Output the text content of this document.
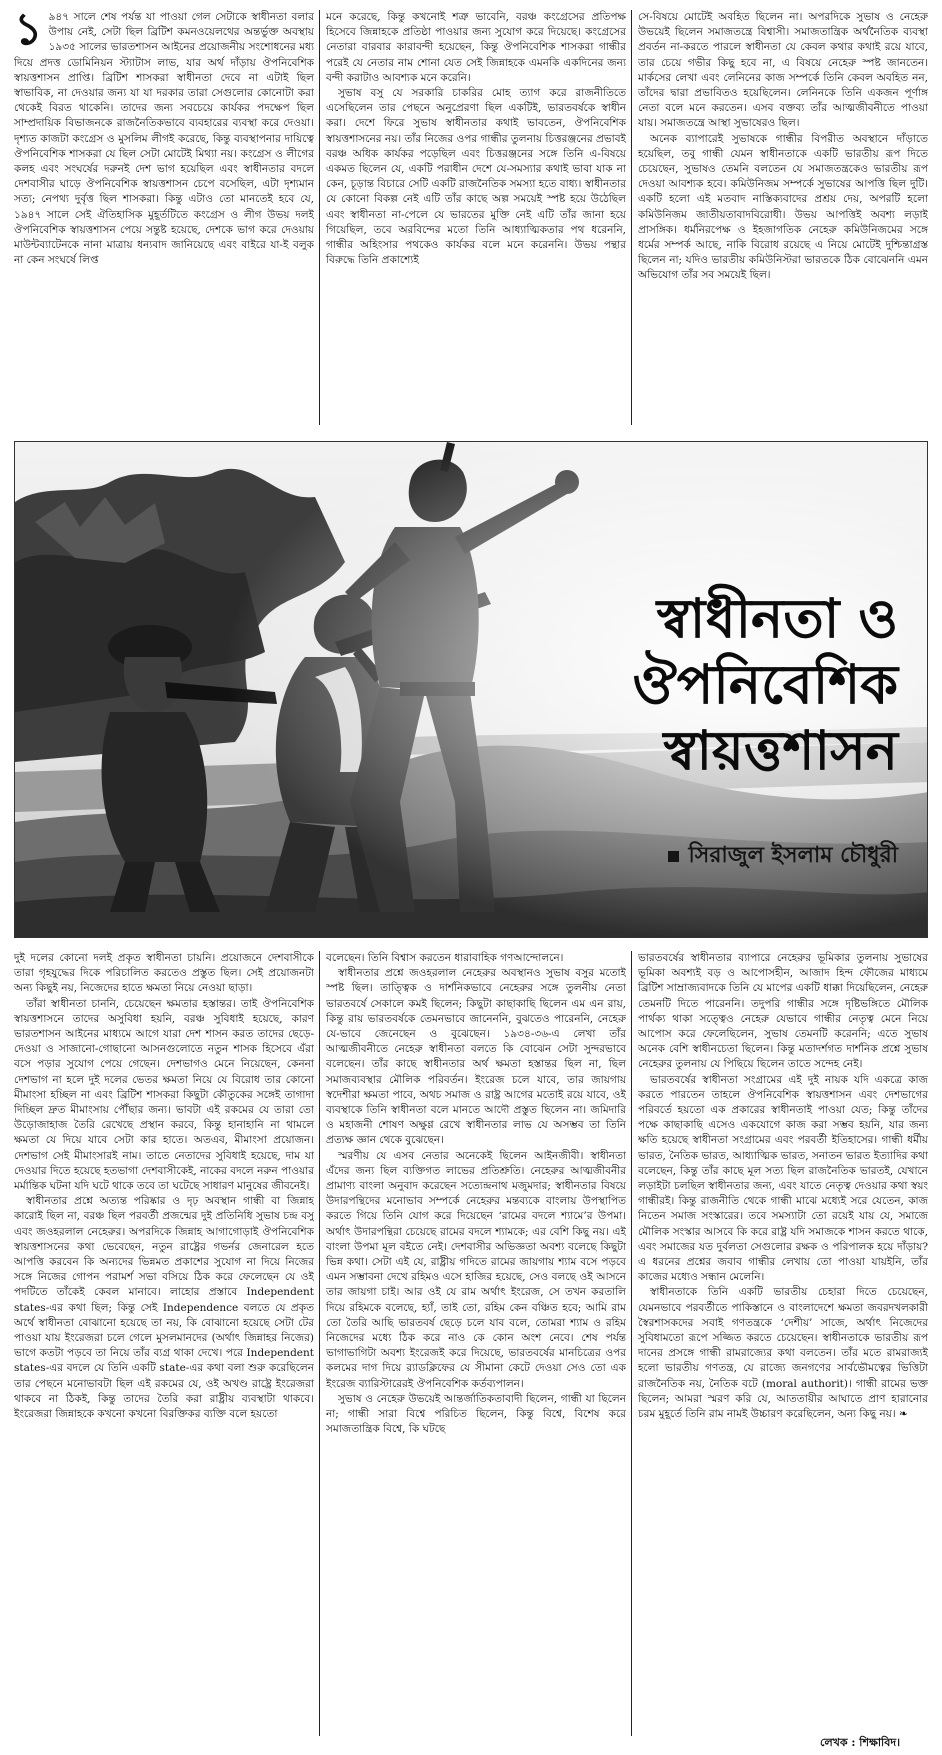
১ ৯৪৭ সালে শেষ পর্যন্ত যা পাওয়া গেল সেটাকে স্বাধীনতা বলার উপায় নেই, সেটা ছিল ব্রিটিশ কমনওয়েলথের অন্তর্ভুক্ত অবস্থায় ১৯৩৫ সালের ভারতশাসন আইনের প্রয়োজনীয় সংশোধনের মধ্য দিয়ে প্রদত্ত ডোমিনিয়ন স্ট্যাটাস লাভ, যার অর্থ দাঁড়ায় ঔপনিবেশিক স্বায়ত্তশাসন প্রাপ্তি। ব্রিটিশ শাসকরা স্বাধীনতা দেবে না এটাই ছিল স্বাভাবিক, না দেওয়ার জন্য যা যা দরকার তারা সেগুলোর কোনোটা করা থেকেই বিরত থাকেনি। তাদের জন্য সবচেয়ে কার্যকর পদক্ষেপ ছিল সাম্প্রদায়িক বিভাজনকে রাজনৈতিকভাবে ব্যবহারের ব্যবস্থা করে দেওয়া। দৃশ্যত কাজটা কংগ্রেস ও মুসলিম লীগই করেছে, কিন্তু ব্যবস্থাপনার দায়িত্বে ঔপনিবেশিক শাসকরা যে ছিল সেটা মোটেই মিথ্যা নয়। কংগ্রেস ও লীগের কলহ এবং সংঘর্ষের দরুনই দেশ ভাগ হয়েছিল এবং স্বাধীনতার বদলে দেশবাসীর ঘাড়ে ঔপনিবেশিক স্বায়ত্তশাসন চেপে বসেছিল, এটা দৃশ্যমান সত্য; নেপথ্য দুর্বৃত্ত ছিল শাসকরা। কিন্তু এটাও তো মানতেই হবে যে, ১৯৪৭ সালে সেই ঐতিহাসিক মুহূর্তটিতে কংগ্রেস ও লীগ উভয় দলই ঔপনিবেশিক স্বায়ত্তশাসন পেয়ে সন্তুষ্ট হয়েছে, দেশকে ভাগ করে দেওয়ায় মাউন্টব্যাটেনকে নানা মাত্রায় ধন্যবাদ জানিয়েছে এবং বাইরে যা-ই বলুক না কেন সংঘর্ষে লিপ্ত

মনে করেছে, কিন্তু কখনোই শত্রু ভাবেনি, বরঞ্চ কংগ্রেসের প্রতিপক্ষ হিসেবে জিন্নাহকে প্রতিষ্ঠা পাওয়ার জন্য সুযোগ করে দিয়েছে। কংগ্রেসের নেতারা বারবার কারাবন্দী হয়েছেন, কিন্তু ঔপনিবেশিক শাসকরা গান্ধীর পরেই যে নেতার নাম শোনা যেত সেই জিন্নাহকে এমনকি একদিনের জন্য বন্দী করাটাও আবশ্যক মনে করেনি।

সুভাষ বসু যে সরকারি চাকরির মোহ ত্যাগ করে রাজনীতিতে এসেছিলেন তার পেছনে অনুপ্রেরণা ছিল একটিই, ভারতবর্ষকে স্বাধীন করা। দেশে ফিরে সুভাষ স্বাধীনতার কথাই ভাবতেন, ঔপনিবেশিক স্বায়ত্তশাসনের নয়। তাঁর নিজের ওপর গান্ধীর তুলনায় চিত্তরঞ্জনের প্রভাবই বরঞ্চ অধিক কার্যকর পড়েছিল এবং চিত্তরঞ্জনের সঙ্গে তিনি এ-বিষয়ে একমত ছিলেন যে, একটি পরাধীন দেশে যে-সমস্যার কথাই ভাবা যাক না কেন, চূড়ান্ত বিচারে সেটি একটি রাজনৈতিক সমস্যা হতে বাধ্য। স্বাধীনতার যে কোনো বিকল্প নেই এটি তাঁর কাছে অল্প সময়েই স্পষ্ট হয়ে উঠেছিল এবং স্বাধীনতা না-পেলে যে ভারতের মুক্তি নেই এটি তাঁর জানা হয়ে গিয়েছিল, তবে অরবিন্দের মতো তিনি আধ্যাত্মিকতার পথ ধরেননি, গান্ধীর অহিংসার পথকেও কার্যকর বলে মনে করেননি। উভয় পন্থার বিরুদ্ধে তিনি প্রকাশ্যেই

সে-বিষয়ে মোটেই অবহিত ছিলেন না। অপরদিকে সুভাষ ও নেহেরু উভয়েই ছিলেন সমাজতন্ত্রে বিশ্বাসী। সমাজতান্ত্রিক অর্থনৈতিক ব্যবস্থা প্রবর্তন না-করতে পারলে স্বাধীনতা যে কেবল কথার কথাই রয়ে যাবে, তার চেয়ে গভীর কিছু হবে না, এ বিষয়ে নেহেরু স্পষ্ট জানতেন। মার্কসের লেখা এবং লেনিনের কাজ সম্পর্কে তিনি কেবল অবহিত নন, তাঁদের দ্বারা প্রভাবিতও হয়েছিলেন। লেনিনকে তিনি একজন পূর্ণাঙ্গ নেতা বলে মনে করতেন। এসব বক্তব্য তাঁর আত্মজীবনীতে পাওয়া যায়। সমাজতন্ত্রে আস্থা সুভাষেরও ছিল।

অনেক ব্যাপারেই সুভাষকে গান্ধীর বিপরীত অবস্থানে দাঁড়াতে হয়েছিল, তবু গান্ধী যেমন স্বাধীনতাকে একটি ভারতীয় রূপ দিতে চেয়েছেন, সুভাষও তেমনি বলতেন যে সমাজতন্ত্রকেও ভারতীয় রূপ দেওয়া আবশ্যক হবে। কমিউনিজম সম্পর্কে সুভাষের আপত্তি ছিল দুটি। একটি হলো এই মতবাদ নাস্তিক্যবাদের প্রশ্রয় দেয়, অপরটি হলো কমিউনিজম জাতীয়তাবাদবিরোধী। উভয় আপত্তিই অবশ্য লড়াই প্রাসঙ্গিক। ধর্মনিরপেক্ষ ও ইহজাগতিক নেহেরু কমিউনিজমের সঙ্গে ধর্মের সম্পর্ক আছে, নাকি বিরোধ রয়েছে এ নিয়ে মোটেই দুশ্চিন্তাগ্রস্ত ছিলেন না; যদিও ভারতীয় কমিউনিস্টরা ভারতকে ঠিক বোঝেননি এমন অভিযোগ তাঁর সব সময়েই ছিল।

স্বাধীনতা ও
ঔপনিবেশিক
স্বায়ত্তশাসন
সিরাজুল ইসলাম চৌধুরী

দুই দলের কোনো দলই প্রকৃত স্বাধীনতা চায়নি। প্রয়োজনে দেশবাসীকে তারা গৃহযুদ্ধের দিকে পরিচালিত করতেও প্রস্তুত ছিল। সেই প্রয়োজনটা অন্য কিছুই নয়, নিজেদের হাতে ক্ষমতা নিয়ে নেওয়া ছাড়া।

তাঁরা স্বাধীনতা চাননি, চেয়েছেন ক্ষমতার হস্তান্তর। তাই ঔপনিবেশিক স্বায়ত্তশাসনে তাদের অসুবিধা হয়নি, বরঞ্চ সুবিধাই হয়েছে, কারণ ভারতশাসন আইনের মাধ্যমে আগে যারা দেশ শাসন করত তাদের ছেড়ে-দেওয়া ও সাজানো-গোছানো আসনগুলোতে নতুন শাসক হিসেবে এঁরা বসে পড়ার সুযোগ পেয়ে গেছেন। দেশভাগও মেনে নিয়েছেন, কেননা দেশভাগ না হলে দুই দলের ভেতর ক্ষমতা নিয়ে যে বিরোধ তার কোনো মীমাংসা হচ্ছিল না এবং ব্রিটিশ শাসকরা কিছুটা কৌতুকের সঙ্গেই তাগাদা দিচ্ছিল দ্রুত মীমাংসায় পৌঁছার জন্য। ভাবটা এই রকমের যে তারা তো উড়োজাহাজ তৈরি রেখেছে প্রস্থান করবে, কিন্তু হানাহানি না থামলে ক্ষমতা যে দিয়ে যাবে সেটা কার হাতে। অতএব, মীমাংসা প্রয়োজন। দেশভাগ সেই মীমাংসারই নাম। তাতে নেতাদের সুবিধাই হয়েছে, দাম যা দেওয়ার দিতে হয়েছে হতভাগা দেশবাসীকেই, নাকের বদলে নরুন পাওয়ার মর্মান্তিক ঘটনা যদি ঘটে থাকে তবে তা ঘটেছে সাধারণ মানুষের জীবনেই।

স্বাধীনতার প্রশ্নে অত্যন্ত পরিষ্কার ও দৃঢ় অবস্থান গান্ধী বা জিন্নাহ কারোই ছিল না, বরঞ্চ ছিল পরবর্তী প্রজন্মের দুই প্রতিনিধি সুভাষ চন্দ্র বসু এবং জওহরলাল নেহেরুর। অপরদিকে জিন্নাহ আগাগোড়াই ঔপনিবেশিক স্বায়ত্তশাসনের কথা ভেবেছেন, নতুন রাষ্ট্রের গভর্নর জেনারেল হতে আপত্তি করবেন কি অন্যদের ভিন্নমত প্রকাশের সুযোগ না দিয়ে নিজের সঙ্গে নিজের গোপন পরামর্শ সভা বসিয়ে ঠিক করে ফেলেছেন যে ওই পদটিতে তাঁকেই কেবল মানাবে। লাহোর প্রস্তাবে Independent states-এর কথা ছিল; কিন্তু সেই Independence বলতে যে প্রকৃত অর্থে স্বাধীনতা বোঝানো হয়েছে তা নয়, কি বোঝানো হয়েছে সেটা টের পাওয়া যায় ইংরেজরা চলে গেলে মুসলমানদের (অর্থাৎ জিন্নাহর নিজের) ভাগে কতটা পড়বে তা নিয়ে তাঁর ব্যগ্র থাকা দেখে। পরে Independent states-এর বদলে যে তিনি একটি state-এর কথা বলা শুরু করেছিলেন তার পেছনে মনোভাবটা ছিল এই রকমের যে, ওই অখণ্ড রাষ্ট্রে ইংরেজরা থাকবে না ঠিকই, কিন্তু তাদের তৈরি করা রাষ্ট্রীয় ব্যবস্থাটা থাকবে। ইংরেজরা জিন্নাহকে কখনো কখনো বিরক্তিকর ব্যক্তি বলে হয়তো

বলেছেন। তিনি বিশ্বাস করতেন ধারাবাহিক গণআন্দোলনে।

স্বাধীনতার প্রশ্নে জওহরলাল নেহেরুর অবস্থানও সুভাষ বসুর মতোই স্পষ্ট ছিল। তাত্ত্বিক ও দার্শনিকভাবে নেহেরুর সঙ্গে তুলনীয় নেতা ভারতবর্ষে সেকালে কমই ছিলেন; কিছুটা কাছাকাছি ছিলেন এম এন রায়, কিন্তু রায় ভারতবর্ষকে তেমনভাবে জানেননি, বুঝতেও পারেননি, নেহেরু যে-ভাবে জেনেছেন ও বুঝেছেন। ১৯৩৪-৩৬-এ লেখা তাঁর আত্মজীবনীতে নেহেরু স্বাধীনতা বলতে কি বোঝেন সেটা সুন্দরভাবে বলেছেন। তাঁর কাছে স্বাধীনতার অর্থ ক্ষমতা হস্তান্তর ছিল না, ছিল সমাজব্যবস্থার মৌলিক পরিবর্তন। ইংরেজ চলে যাবে, তার জায়গায় স্বদেশীরা ক্ষমতা পাবে, অথচ সমাজ ও রাষ্ট্র আগের মতোই রয়ে যাবে, ওই ব্যবস্থাকে তিনি স্বাধীনতা বলে মানতে আদৌ প্রস্তুত ছিলেন না। জমিদারি ও মহাজনী শোষণ অক্ষুণ্ণ রেখে স্বাধীনতার লাভ যে অসম্ভব তা তিনি প্রত্যক্ষ জ্ঞান থেকে বুঝেছেন।

স্মরণীয় যে এসব নেতার অনেকেই ছিলেন আইনজীবী। স্বাধীনতা এঁদের জন্য ছিল ব্যক্তিগত লাভের প্রতিশ্রুতি। নেহেরুর আত্মজীবনীর প্রামাণ্য বাংলা অনুবাদ করেছেন সত্যেন্দ্রনাথ মজুমদার; স্বাধীনতার বিষয়ে উদারপন্থিদের মনোভাব সম্পর্কে নেহেরুর মন্তব্যকে বাংলায় উপস্থাপিত করতে গিয়ে তিনি যোগ করে দিয়েছেন ‘রামের বদলে শ্যামে’র উপমা। অর্থাৎ উদারপন্থিরা চেয়েছে রামের বদলে শ্যামকে; এর বেশি কিছু নয়। এই বাংলা উপমা মূল বইতে নেই। দেশবাসীর অভিজ্ঞতা অবশ্য বলেছে কিছুটা ভিন্ন কথা। সেটা এই যে, রাষ্ট্রীয় গদিতে রামের জায়গায় শ্যাম বসে পড়বে এমন সম্ভাবনা দেখে রহিমও এসে হাজির হয়েছে, সেও বলছে ওই আসনে তার জায়গা চাই। আর ওই যে রাম অর্থাৎ ইংরেজ, সে তখন করতালি দিয়ে রহিমকে বলেছে, হ্যাঁ, তাই তো, রহিম কেন বঞ্চিত হবে; আমি রাম তো তৈরি আছি ভারতবর্ষ ছেড়ে চলে যাব বলে, তোমরা শ্যাম ও রহিম নিজেদের মধ্যে ঠিক করে নাও কে কোন অংশ নেবে। শেষ পর্যন্ত ভাগাভাগিটা অবশ্য ইংরেজই করে দিয়েছে, ভারতবর্ষের মানচিত্রের ওপর কলমের দাগ দিয়ে র‌্যাডক্লিফের যে সীমানা কেটে দেওয়া সেও তো এক ইংরেজ ব্যারিস্টারেরই ঔপনিবেশিক কর্তব্যপালন।

সুভাষ ও নেহেরু উভয়েই আন্তর্জাতিকতাবাদী ছিলেন, গান্ধী যা ছিলেন না; গান্ধী সারা বিশ্বে পরিচিত ছিলেন, কিন্তু বিশ্বে, বিশেষ করে সমাজতান্ত্রিক বিশ্বে, কি ঘটছে

ভারতবর্ষের স্বাধীনতার ব্যাপারে নেহেরুর ভূমিকার তুলনায় সুভাষের ভূমিকা অবশ্যই বড় ও আপোসহীন, আজাদ হিন্দ ফৌজের মাধ্যমে ব্রিটিশ সাম্রাজ্যবাদকে তিনি যে মাপের একটি ধাক্কা দিয়েছিলেন, নেহেরু তেমনটি দিতে পারেননি। তদুপরি গান্ধীর সঙ্গে দৃষ্টিভঙ্গিতে মৌলিক পার্থক্য থাকা সত্ত্বেও নেহেরু যেভাবে গান্ধীর নেতৃত্ব মেনে নিয়ে আপোস করে ফেলেছিলেন, সুভাষ তেমনটি করেননি; এতে সুভাষ অনেক বেশি স্বাধীনচেতা ছিলেন। কিন্তু মতাদর্শগত দার্শনিক প্রশ্নে সুভাষ নেহেরুর তুলনায় যে পিছিয়ে ছিলেন তাতে সন্দেহ নেই।

ভারতবর্ষের স্বাধীনতা সংগ্রামের এই দুই নায়ক যদি একত্রে কাজ করতে পারতেন তাহলে ঔপনিবেশিক স্বায়ত্তশাসন এবং দেশভাগের পরিবর্তে হয়তো এক প্রকারের স্বাধীনতাই পাওয়া যেত; কিন্তু তাঁদের পক্ষে কাছাকাছি এসেও একযোগে কাজ করা সম্ভব হয়নি, যার জন্য ক্ষতি হয়েছে স্বাধীনতা সংগ্রামের এবং পরবর্তী ইতিহাসের। গান্ধী ধর্মীয় ভারত, নৈতিক ভারত, আধ্যাত্মিক ভারত, সনাতন ভারত ইত্যাদির কথা বলেছেন, কিন্তু তাঁর কাছে মূল সত্য ছিল রাজনৈতিক ভারতই, যেখানে লড়াইটা চলছিল স্বাধীনতার জন্য, এবং যাতে নেতৃত্ব দেওয়ার কথা স্বয়ং গান্ধীরই। কিন্তু রাজনীতি থেকে গান্ধী মাঝে মধ্যেই সরে যেতেন, কাজ নিতেন সমাজ সংস্কারের। তবে সমস্যাটা তো রয়েই যায় যে, সমাজে মৌলিক সংস্কার আসবে কি করে রাষ্ট্র যদি সমাজকে শাসন করতে থাকে, এবং সমাজের যত দুর্বলতা সেগুলোর রক্ষক ও পরিপালক হয়ে দাঁড়ায়? এ ধরনের প্রশ্নের জবাব গান্ধীর লেখায় তো পাওয়া যায়ইনি, তাঁর কাজের মধ্যেও সন্ধান মেলেনি।

স্বাধীনতাকে তিনি একটি ভারতীয় চেহারা দিতে চেয়েছেন, যেমনভাবে পরবর্তীতে পাকিস্তানে ও বাংলাদেশে ক্ষমতা জবরদখলকারী স্বৈরশাসকদের সবাই গণতন্ত্রকে ‘দেশীয়’ সাজে, অর্থাৎ নিজেদের সুবিধামতো রূপে সজ্জিত করতে চেয়েছেন। স্বাধীনতাকে ভারতীয় রূপ দানের প্রসঙ্গে গান্ধী রামরাজ্যের কথা বলতেন। তাঁর মতে রামরাজ্যই হলো ভারতীয় গণতন্ত্র, যে রাজ্যে জনগণের সার্বভৌমত্বের ভিত্তিটা রাজনৈতিক নয়, নৈতিক বটে (moral authorit)। গান্ধী রামের ভক্ত ছিলেন; আমরা স্মরণ করি যে, আততায়ীর আঘাতে প্রাণ হারানোর চরম মুহূর্তে তিনি রাম নামই উচ্চারণ করেছিলেন, অন্য কিছু নয়। ❧

লেখক : শিক্ষাবিদ।
